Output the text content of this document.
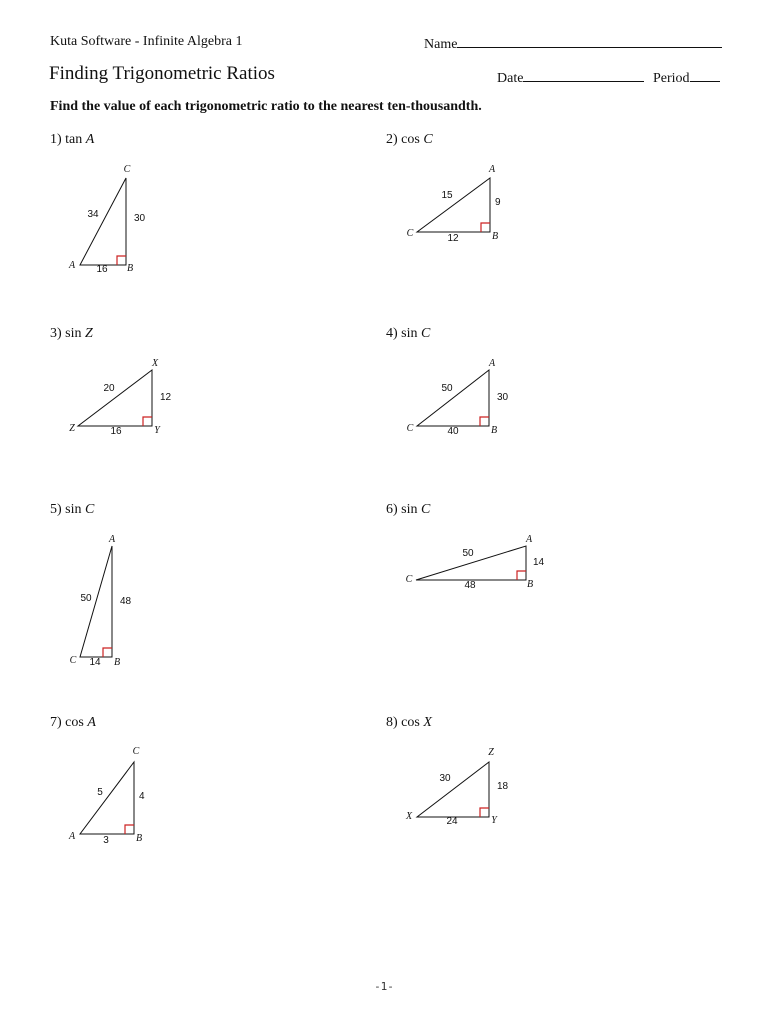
Kuta Software - Infinite Algebra 1	Name
Finding Trigonometric Ratios	Date	Period
Find the value of each trigonometric ratio to the nearest ten-thousandth.
1) tan A	2) cos C
3) sin Z	4) sin C
5) sin C	6) sin C
7) cos A	8) cos X
34	30
16
A	B
C
15
9
12
C	B
A
20
12
16
Z	Y
X
50
30
40
C	B
A
50	48
14
C	B
A
50
14
48
C	B
A
5	4
3
A	B
C
30
18
24
X	Y
Z
-1-
